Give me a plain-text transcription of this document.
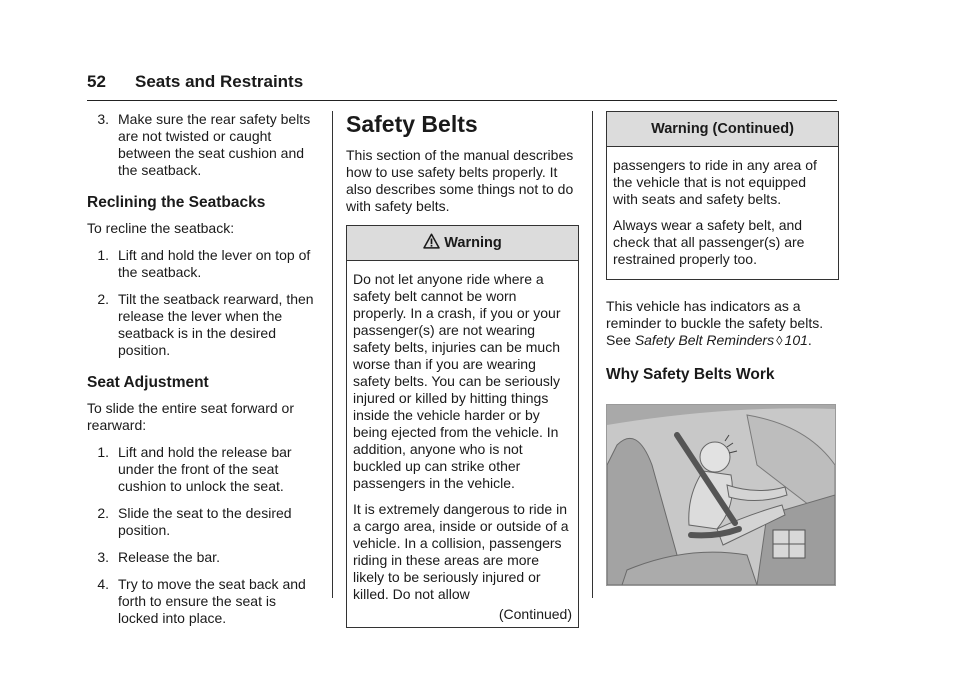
52 Seats and Restraints
3. Make sure the rear safety belts are not twisted or caught between the seat cushion and the seatback.
Reclining the Seatbacks

To recline the seatback:

1. Lift and hold the lever on top of the seatback.
2. Tilt the seatback rearward, then release the lever when the seatback is in the desired position.
Seat Adjustment

To slide the entire seat forward or rearward:

1. Lift and hold the release bar under the front of the seat cushion to unlock the seat.
2. Slide the seat to the desired position.
3. Release the bar.
4. Try to move the seat back and forth to ensure the seat is locked into place.
Safety Belts

This section of the manual describes how to use safety belts properly. It also describes some things not to do with safety belts.

Warning

Do not let anyone ride where a safety belt cannot be worn properly. In a crash, if you or your passenger(s) are not wearing safety belts, injuries can be much worse than if you are wearing safety belts. You can be seriously injured or killed by hitting things inside the vehicle harder or by being ejected from the vehicle. In addition, anyone who is not buckled up can strike other passengers in the vehicle.

It is extremely dangerous to ride in a cargo area, inside or outside of a vehicle. In a collision, passengers riding in these areas are more likely to be seriously injured or killed. Do not allow

(Continued)
Warning (Continued)

passengers to ride in any area of the vehicle that is not equipped with seats and safety belts.

Always wear a safety belt, and check that all passenger(s) are restrained properly too.

This vehicle has indicators as a reminder to buckle the safety belts. See Safety Belt Reminders ◊ 101.

Why Safety Belts Work
